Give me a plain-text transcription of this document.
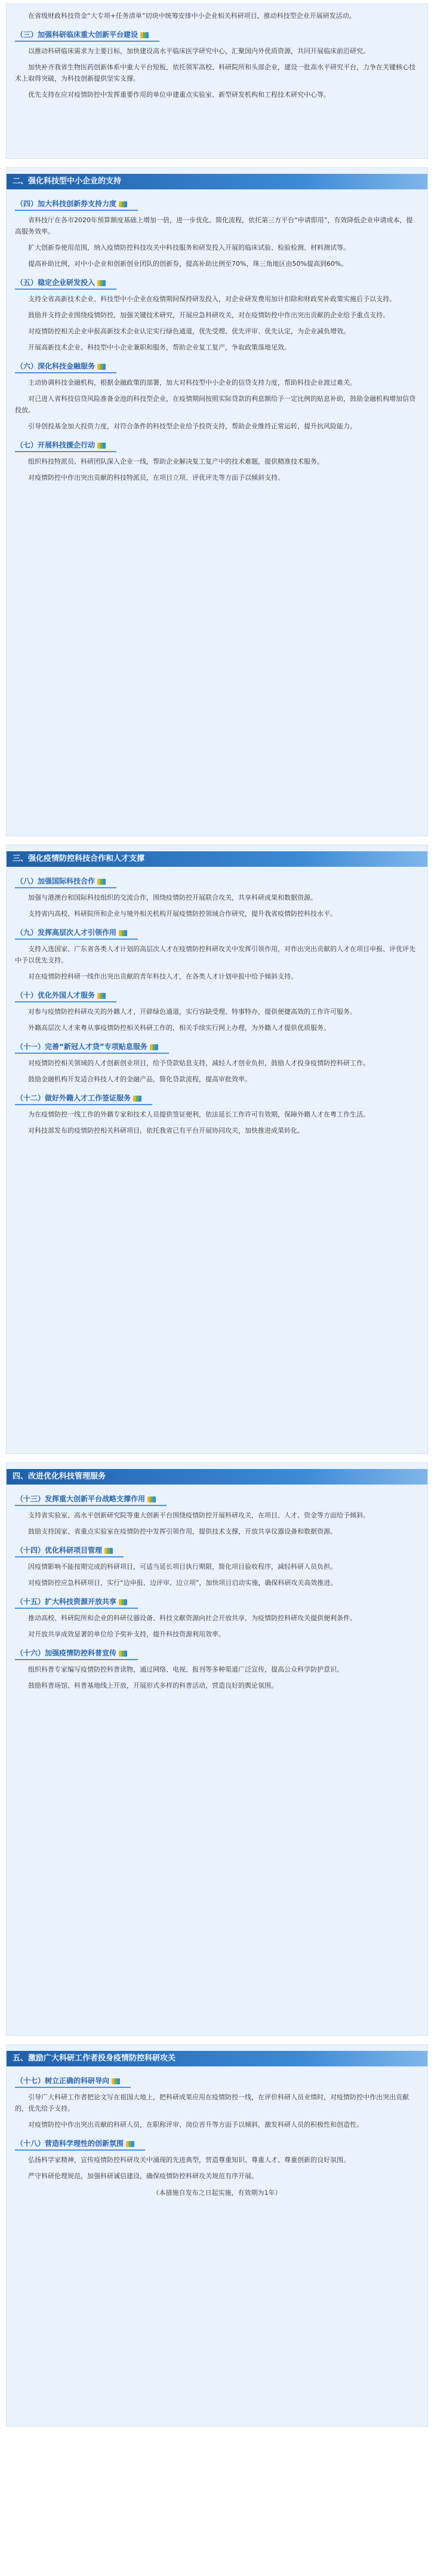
在省级财政科技资金“大专项+任务清单”切块中统筹安排中小企业相关科研项目，推动科技型企业开展研发活动。

（三）加强科研临床重大创新平台建设

以推动科研临床需求为主要目标，加快建设高水平临床医学研究中心，汇聚国内外优质资源，共同开展临床前沿研究。

加快补齐我省生物医药创新体系中重大平台短板，依托领军高校、科研院所和头部企业，建设一批高水平研究平台，力争在关键核心技术上取得突破，为科技创新提供坚实支撑。

优先支持在应对疫情防控中发挥重要作用的单位申建重点实验室、新型研发机构和工程技术研究中心等。

二、强化科技型中小企业的支持
（四）加大科技创新券支持力度

省科技厅在各市2020年预算额度基础上增加一倍，进一步优化、简化流程，依托第三方平台“申请即用”，有效降低企业申请成本，提高服务效率。

扩大创新券使用范围，纳入疫情防控科技攻关中科技服务和研发投入开展的临床试验、检验检测、材料测试等。

提高补助比例，对中小企业和创新创业团队的创新券，提高补助比例至70%，珠三角地区由50%提高到60%。

（五）稳定企业研发投入

支持全省高新技术企业、科技型中小企业在疫情期间保持研发投入，对企业研发费用加计扣除和财政奖补政策实施后予以支持。

鼓励并支持企业围绕疫情防控，加强关键技术研究，开展应急科研攻关，对在疫情防控中作出突出贡献的企业给予重点支持。

对疫情防控相关企业申报高新技术企业认定实行绿色通道，优先受理、优先评审、优先认定，为企业减负增效。

开展高新技术企业、科技型中小企业兼职和服务，帮助企业复工复产，争取政策落地见效。

（六）深化科技金融服务

主动协调科技金融机构，根据金融政策的部署，加大对科技型中小企业的信贷支持力度，帮助科技企业渡过难关。

对已进入省科技信贷风险准备金池的科技型企业，在疫情期间按照实际贷款的利息额给予一定比例的贴息补助，鼓励金融机构增加信贷投放。

引导创投基金加大投资力度，对符合条件的科技型企业给予投资支持，帮助企业维持正常运转，提升抗风险能力。

（七）开展科技援企行动

组织科技特派员、科研团队深入企业一线，帮助企业解决复工复产中的技术难题，提供精准技术服务。

对疫情防控中作出突出贡献的科技特派员，在项目立项、评优评先等方面予以倾斜支持。

三、强化疫情防控科技合作和人才支撑
（八）加强国际科技合作

加强与港澳台和国际科技组织的交流合作，围绕疫情防控开展联合攻关，共享科研成果和数据资源。

支持省内高校、科研院所和企业与境外相关机构开展疫情防控领域合作研究，提升我省疫情防控科技水平。

（九）发挥高层次人才引领作用

支持入选国家、广东省各类人才计划的高层次人才在疫情防控科研攻关中发挥引领作用，对作出突出贡献的人才在项目申报、评优评先中予以优先支持。

对在疫情防控科研一线作出突出贡献的青年科技人才，在各类人才计划申报中给予倾斜支持。

（十）优化外国人才服务

对参与疫情防控科研攻关的外籍人才，开辟绿色通道，实行容缺受理、特事特办，提供便捷高效的工作许可服务。

外籍高层次人才来粤从事疫情防控相关科研工作的，相关手续实行网上办理，为外籍人才提供优质服务。

（十一）完善“新冠人才贷”专项贴息服务

对疫情防控相关领域的人才创新创业项目，给予贷款贴息支持，减轻人才创业负担，鼓励人才投身疫情防控科研工作。

鼓励金融机构开发适合科技人才的金融产品，简化贷款流程，提高审批效率。

（十二）做好外籍人才工作签证服务

为在疫情防控一线工作的外籍专家和技术人员提供签证便利，依法延长工作许可有效期，保障外籍人才在粤工作生活。

对科技部发布的疫情防控相关科研项目，依托我省已有平台开展协同攻关，加快推进成果转化。

四、改进优化科技管理服务
（十三）发挥重大创新平台战略支撑作用

支持省实验室、高水平创新研究院等重大创新平台围绕疫情防控开展科研攻关，在项目、人才、资金等方面给予倾斜。

鼓励支持国家、省重点实验室在疫情防控中发挥引领作用，提供技术支撑，开放共享仪器设备和数据资源。

（十四）优化科研项目管理

因疫情影响不能按期完成的科研项目，可适当延长项目执行期限，简化项目验收程序，减轻科研人员负担。

对疫情防控应急科研项目，实行“边申报、边评审、边立项”，加快项目启动实施，确保科研攻关高效推进。

（十五）扩大科技资源开放共享

推动高校、科研院所和企业的科研仪器设备、科技文献资源向社会开放共享，为疫情防控科研攻关提供便利条件。

对开放共享成效显著的单位给予奖补支持，提升科技资源利用效率。

（十六）加强疫情防控科普宣传

组织科普专家编写疫情防控科普读物，通过网络、电视、报刊等多种渠道广泛宣传，提高公众科学防护意识。

鼓励科普场馆、科普基地线上开放，开展形式多样的科普活动，营造良好的舆论氛围。

五、激励广大科研工作者投身疫情防控科研攻关
（十七）树立正确的科研导向

引导广大科研工作者把论文写在祖国大地上，把科研成果应用在疫情防控一线，在评价科研人员业绩时，对疫情防控中作出突出贡献的，优先给予支持。

对疫情防控中作出突出贡献的科研人员，在职称评审、岗位晋升等方面予以倾斜，激发科研人员的积极性和创造性。

（十八）营造科学理性的创新氛围

弘扬科学家精神，宣传疫情防控科研攻关中涌现的先进典型，营造尊重知识、尊重人才、尊重创新的良好氛围。

严守科研伦理规范，加强科研诚信建设，确保疫情防控科研攻关规范有序开展。

（本措施自发布之日起实施，有效期为1年）
